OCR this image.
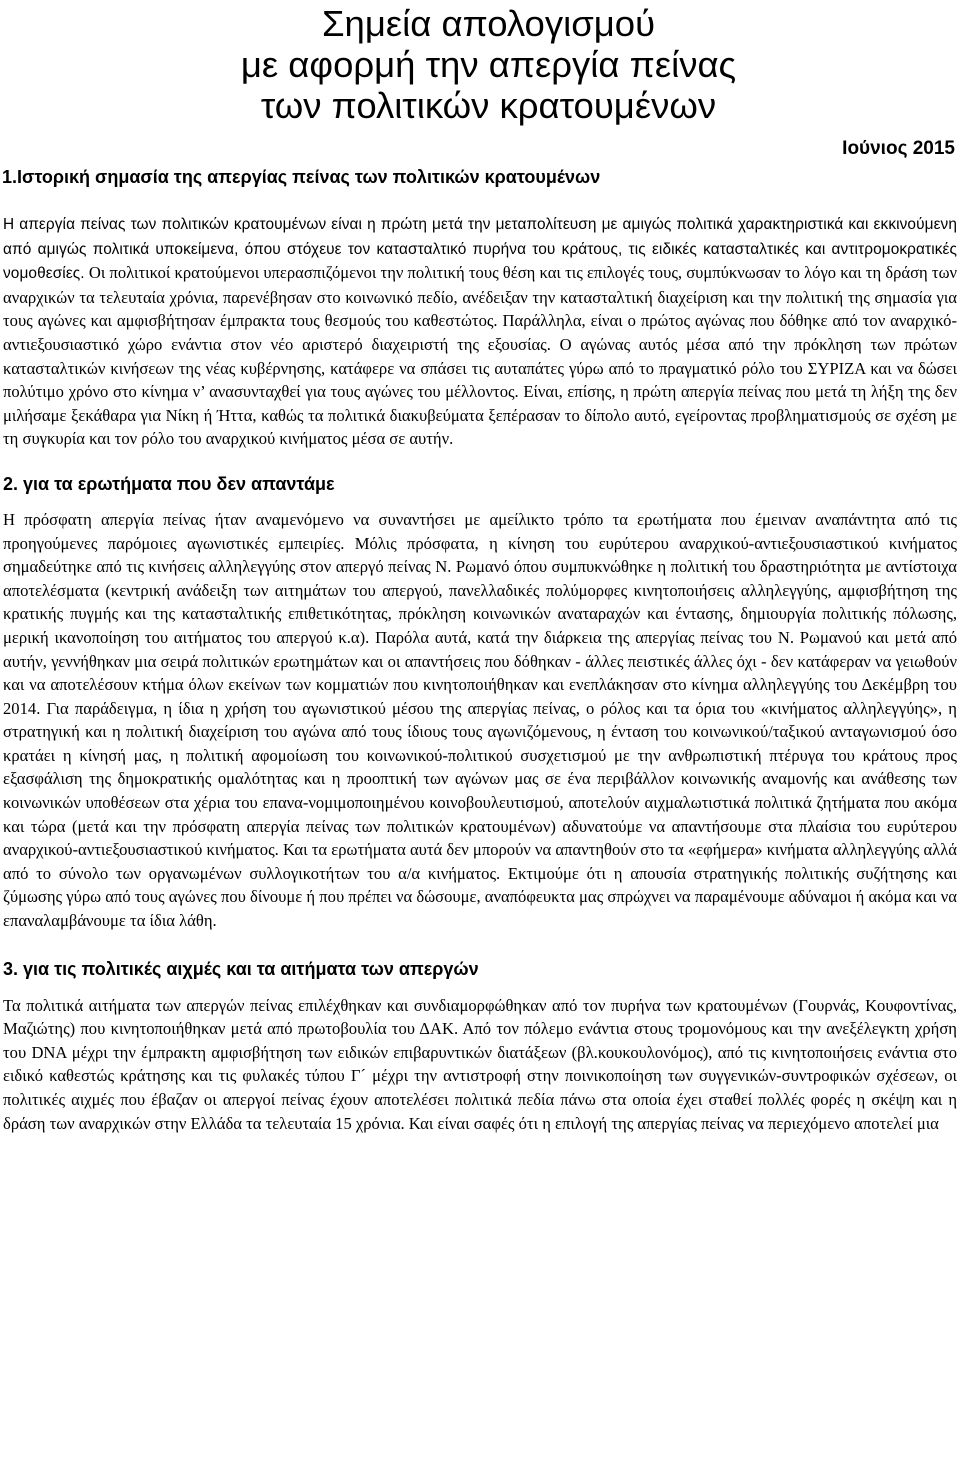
Σημεία απολογισμού
με αφορμή την απεργία πείνας
των πολιτικών κρατουμένων
Ιούνιος 2015
1.Ιστορική σημασία της απεργίας πείνας των πολιτικών κρατουμένων

Η απεργία πείνας των πολιτικών κρατουμένων είναι η πρώτη μετά την μεταπολίτευση με αμιγώς πολιτικά χαρακτηριστικά και εκκινούμενη από αμιγώς πολιτικά υποκείμενα, όπου στόχευε τον κατασταλτικό πυρήνα του κράτους, τις ειδικές κατασταλτικές και αντιτρομοκρατικές νομοθεσίες. Οι πολιτικοί κρατούμενοι υπερασπιζόμενοι την πολιτική τους θέση και τις επιλογές τους, συμπύκνωσαν το λόγο και τη δράση των αναρχικών τα τελευταία χρόνια, παρενέβησαν στο κοινωνικό πεδίο, ανέδειξαν την κατασταλτική διαχείριση και την πολιτική της σημασία για τους αγώνες και αμφισβήτησαν έμπρακτα τους θεσμούς του καθεστώτος. Παράλληλα, είναι ο πρώτος αγώνας που δόθηκε από τον αναρχικό-αντιεξουσιαστικό χώρο ενάντια στον νέο αριστερό διαχειριστή της εξουσίας. Ο αγώνας αυτός μέσα από την πρόκληση των πρώτων κατασταλτικών κινήσεων της νέας κυβέρνησης, κατάφερε να σπάσει τις αυταπάτες γύρω από το πραγματικό ρόλο του ΣΥΡΙΖΑ και να δώσει πολύτιμο χρόνο στο κίνημα ν’ ανασυνταχθεί για τους αγώνες του μέλλοντος. Είναι, επίσης, η πρώτη απεργία πείνας που μετά τη λήξη της δεν μιλήσαμε ξεκάθαρα για Νίκη ή Ήττα, καθώς τα πολιτικά διακυβεύματα ξεπέρασαν το δίπολο αυτό, εγείροντας προβληματισμούς σε σχέση με τη συγκυρία και τον ρόλο του αναρχικού κινήματος μέσα σε αυτήν.

2. για τα ερωτήματα που δεν απαντάμε

Η πρόσφατη απεργία πείνας ήταν αναμενόμενο να συναντήσει με αμείλικτο τρόπο τα ερωτήματα που έμειναν αναπάντητα από τις προηγούμενες παρόμοιες αγωνιστικές εμπειρίες. Μόλις πρόσφατα, η κίνηση του ευρύτερου αναρχικού-αντιεξουσιαστικού κινήματος σημαδεύτηκε από τις κινήσεις αλληλεγγύης στον απεργό πείνας Ν. Ρωμανό όπου συμπυκνώθηκε η πολιτική του δραστηριότητα με αντίστοιχα αποτελέσματα (κεντρική ανάδειξη των αιτημάτων του απεργού, πανελλαδικές πολύμορφες κινητοποιήσεις αλληλεγγύης, αμφισβήτηση της κρατικής πυγμής και της κατασταλτικής επιθετικότητας, πρόκληση κοινωνικών αναταραχών και έντασης, δημιουργία πολιτικής πόλωσης, μερική ικανοποίηση του αιτήματος του απεργού κ.α). Παρόλα αυτά, κατά την διάρκεια της απεργίας πείνας του Ν. Ρωμανού και μετά από αυτήν, γεννήθηκαν μια σειρά πολιτικών ερωτημάτων και οι απαντήσεις που δόθηκαν - άλλες πειστικές άλλες όχι - δεν κατάφεραν να γειωθούν και να αποτελέσουν κτήμα όλων εκείνων των κομματιών που κινητοποιήθηκαν και ενεπλάκησαν στο κίνημα αλληλεγγύης του Δεκέμβρη του 2014. Για παράδειγμα, η ίδια η χρήση του αγωνιστικού μέσου της απεργίας πείνας, ο ρόλος και τα όρια του «κινήματος αλληλεγγύης», η στρατηγική και η πολιτική διαχείριση του αγώνα από τους ίδιους τους αγωνιζόμενους, η ένταση του κοινωνικού/ταξικού ανταγωνισμού όσο κρατάει η κίνησή μας, η πολιτική αφομοίωση του κοινωνικού-πολιτικού συσχετισμού με την ανθρωπιστική πτέρυγα του κράτους προς εξασφάλιση της δημοκρατικής ομαλότητας και η προοπτική των αγώνων μας σε ένα περιβάλλον κοινωνικής αναμονής και ανάθεσης των κοινωνικών υποθέσεων στα χέρια του επανα-νομιμοποιημένου κοινοβουλευτισμού, αποτελούν αιχμαλωτιστικά πολιτικά ζητήματα που ακόμα και τώρα (μετά και την πρόσφατη απεργία πείνας των πολιτικών κρατουμένων) αδυνατούμε να απαντήσουμε στα πλαίσια του ευρύτερου αναρχικού-αντιεξουσιαστικού κινήματος. Και τα ερωτήματα αυτά δεν μπορούν να απαντηθούν στο τα «εφήμερα» κινήματα αλληλεγγύης αλλά από το σύνολο των οργανωμένων συλλογικοτήτων του α/α κινήματος. Εκτιμούμε ότι η απουσία στρατηγικής πολιτικής συζήτησης και ζύμωσης γύρω από τους αγώνες που δίνουμε ή που πρέπει να δώσουμε, αναπόφευκτα μας σπρώχνει να παραμένουμε αδύναμοι ή ακόμα και να επαναλαμβάνουμε τα ίδια λάθη.

3. για τις πολιτικές αιχμές και τα αιτήματα των απεργών

Τα πολιτικά αιτήματα των απεργών πείνας επιλέχθηκαν και συνδιαμορφώθηκαν από τον πυρήνα των κρατουμένων (Γουρνάς, Κουφοντίνας, Μαζιώτης) που κινητοποιήθηκαν μετά από πρωτοβουλία του ΔΑΚ. Από τον πόλεμο ενάντια στους τρομονόμους και την ανεξέλεγκτη χρήση του DNA μέχρι την έμπρακτη αμφισβήτηση των ειδικών επιβαρυντικών διατάξεων (βλ.κουκουλονόμος), από τις κινητοποιήσεις ενάντια στο ειδικό καθεστώς κράτησης και τις φυλακές τύπου Γ´ μέχρι την αντιστροφή στην ποινικοποίηση των συγγενικών-συντροφικών σχέσεων, οι πολιτικές αιχμές που έβαζαν οι απεργοί πείνας έχουν αποτελέσει πολιτικά πεδία πάνω στα οποία έχει σταθεί πολλές φορές η σκέψη και η δράση των αναρχικών στην Ελλάδα τα τελευταία 15 χρόνια. Και είναι σαφές ότι η επιλογή της απεργίας πείνας να περιεχόμενο αποτελεί μια
